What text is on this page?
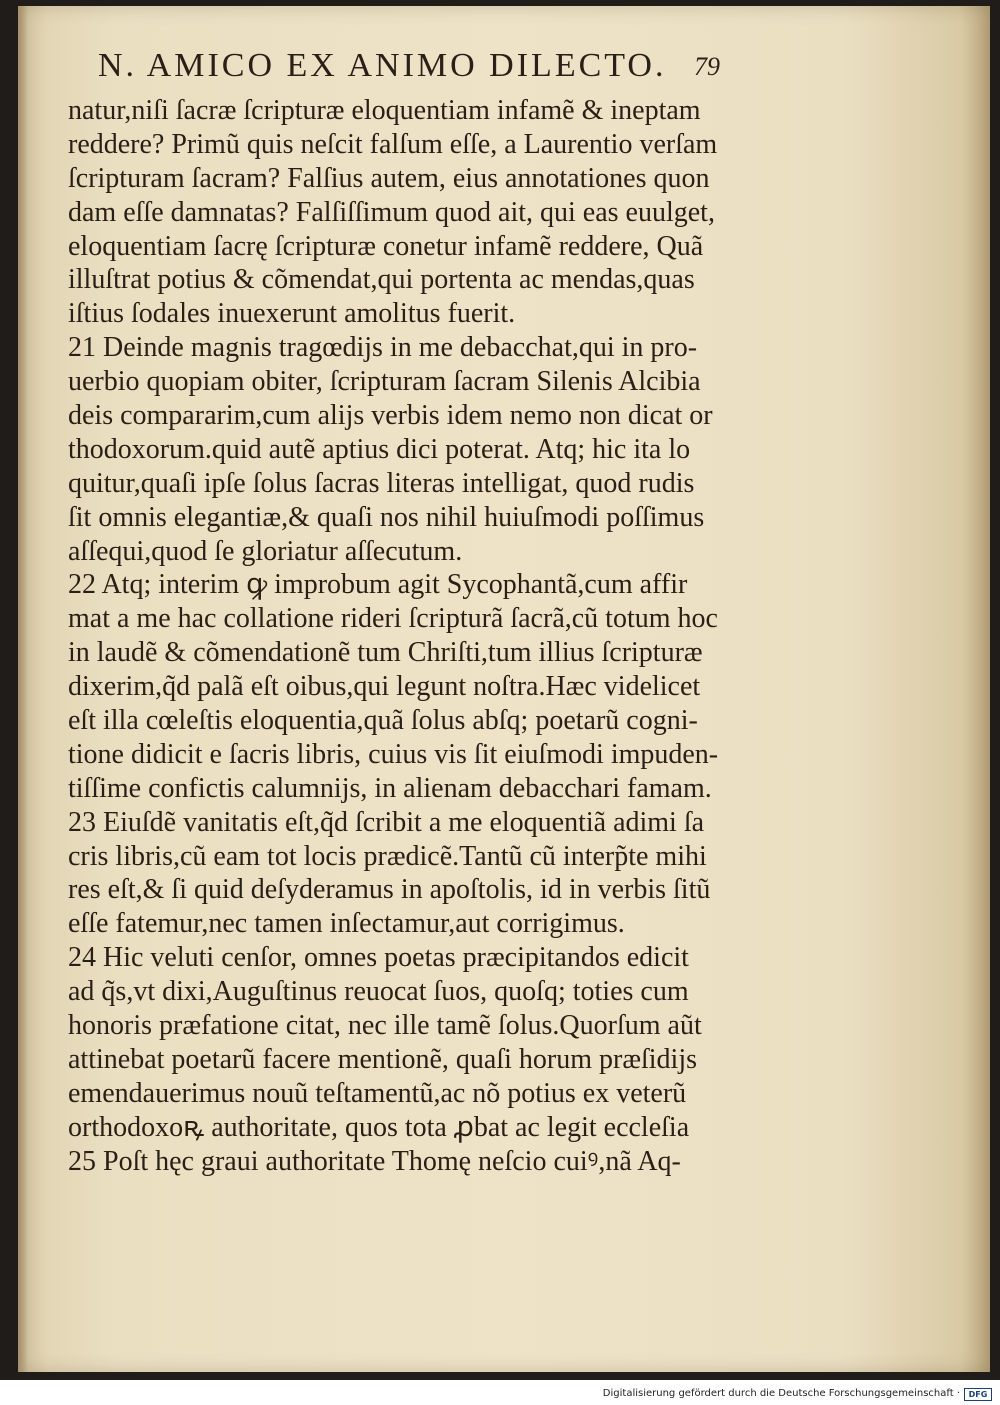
N. AMICO EX ANIMO DILECTO.	79
natur,niſi ſacræ ſcripturæ eloquentiam infamẽ & ineptam
reddere? Primũ quis neſcit falſum eſſe, a Laurentio verſam
ſcripturam ſacram? Falſius autem, eius annotationes quon
dam eſſe damnatas? Falſiſſimum quod ait, qui eas euulget,
eloquentiam ſacrę ſcripturæ conetur infamẽ reddere, Quã
illuſtrat potius & cõmendat,qui portenta ac mendas,quas
iſtius ſodales inuexerunt amolitus fuerit.
21 Deinde magnis tragœdijs in me debacchat,qui in pro-
uerbio quopiam obiter, ſcripturam ſacram Silenis Alcibia
deis compararim,cum alijs verbis idem nemo non dicat or
thodoxorum.quid autẽ aptius dici poterat. Atq; hic ita lo
quitur,quaſi ipſe ſolus ſacras literas intelligat, quod rudis
ſit omnis elegantiæ,& quaſi nos nihil huiuſmodi poſſimus
aſſequi,quod ſe gloriatur aſſecutum.
22 Atq; interim ꝙ improbum agit Sycophantã,cum affir
mat a me hac collatione rideri ſcripturã ſacrã,cũ totum hoc
in laudẽ & cõmendationẽ tum Chriſti,tum illius ſcripturæ
dixerim,q̃d palã eſt oibus,qui legunt noſtra.Hæc videlicet
eſt illa cœleſtis eloquentia,quã ſolus abſq; poetarũ cogni-
tione didicit e ſacris libris, cuius vis ſit eiuſmodi impuden-
tiſſime confictis calumnijs, in alienam debacchari famam.
23 Eiuſdẽ vanitatis eſt,q̃d ſcribit a me eloquentiã adimi ſa
cris libris,cũ eam tot locis prædicẽ.Tantũ cũ interp̃te mihi
res eſt,& ſi quid deſyderamus in apoſtolis, id in verbis ſitũ
eſſe fatemur,nec tamen inſectamur,aut corrigimus.
24 Hic veluti cenſor, omnes poetas præcipitandos edicit
ad q̃s,vt dixi,Auguſtinus reuocat ſuos, quoſq; toties cum
honoris præfatione citat, nec ille tamẽ ſolus.Quorſum aũt
attinebat poetarũ facere mentionẽ, quaſi horum præſidijs
emendauerimus nouũ teſtamentũ,ac nõ potius ex veterũ
orthodoxoꝶ authoritate, quos tota ꝓbat ac legit eccleſia
25 Poſt hęc graui authoritate Thomę neſcio cuiꝰ,nã Aq-
Digitalisierung gefördert durch die Deutsche Forschungsgemeinschaft ·	DFG
